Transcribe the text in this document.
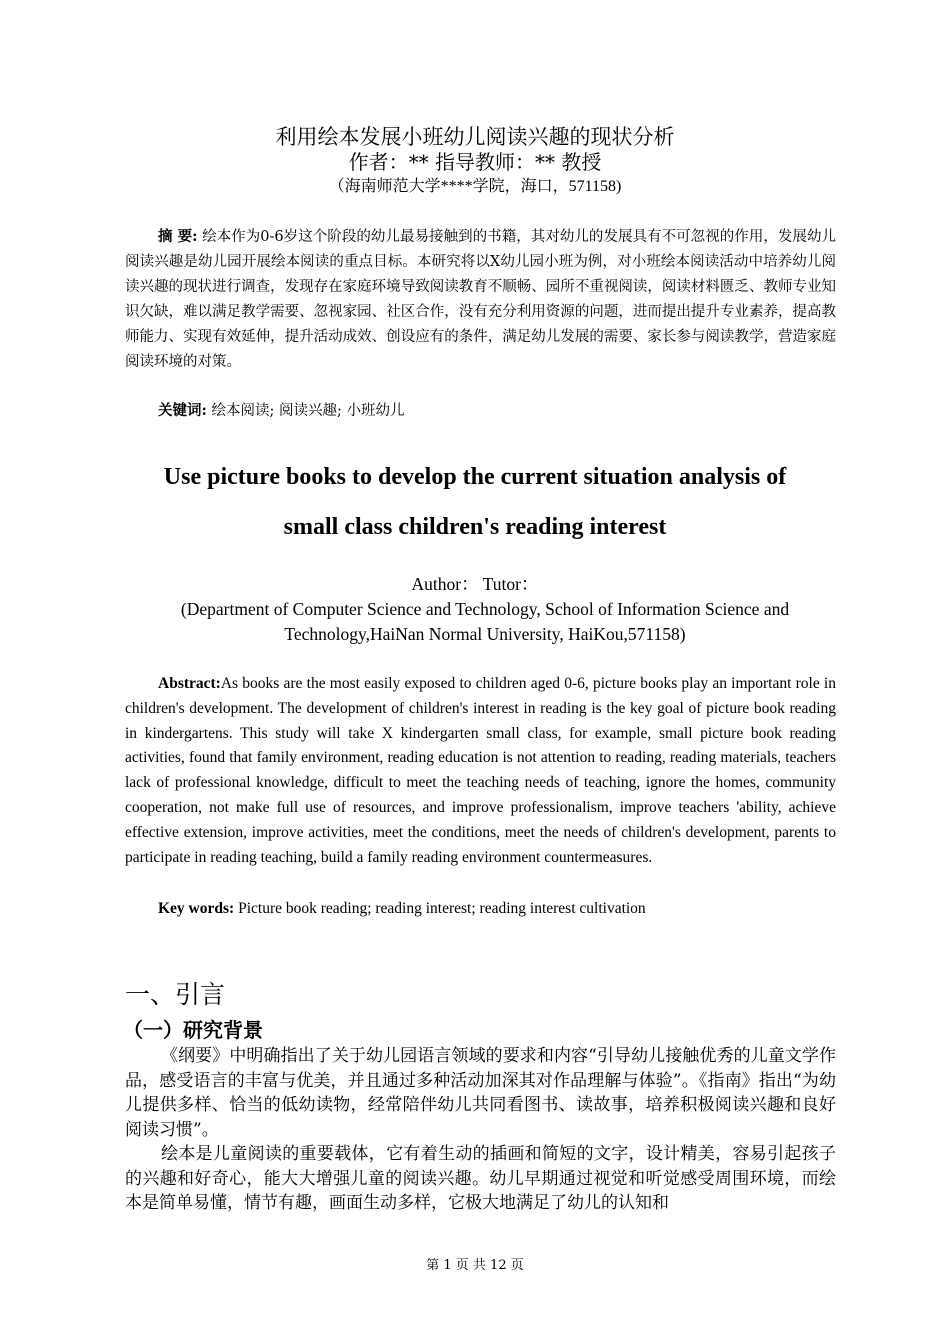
利用绘本发展小班幼儿阅读兴趣的现状分析
作者：** 指导教师：** 教授
（海南师范大学****学院，海口，571158)
摘 要: 绘本作为0-6岁这个阶段的幼儿最易接触到的书籍，其对幼儿的发展具有不可忽视的作用，发展幼儿阅读兴趣是幼儿园开展绘本阅读的重点目标。本研究将以X幼儿园小班为例，对小班绘本阅读活动中培养幼儿阅读兴趣的现状进行调查，发现存在家庭环境导致阅读教育不顺畅、园所不重视阅读，阅读材料匮乏、教师专业知识欠缺，难以满足教学需要、忽视家园、社区合作，没有充分利用资源的问题，进而提出提升专业素养，提高教师能力、实现有效延伸，提升活动成效、创设应有的条件，满足幼儿发展的需要、家长参与阅读教学，营造家庭阅读环境的对策。
关键词: 绘本阅读; 阅读兴趣; 小班幼儿
Use picture books to develop the current situation analysis of
small class children's reading interest
Author： Tutor：
(Department of Computer Science and Technology, School of Information Science and Technology,HaiNan Normal University, HaiKou,571158)
Abstract:As books are the most easily exposed to children aged 0-6, picture books play an important role in children's development. The development of children's interest in reading is the key goal of picture book reading in kindergartens. This study will take X kindergarten small class, for example, small picture book reading activities, found that family environment, reading education is not attention to reading, reading materials, teachers lack of professional knowledge, difficult to meet the teaching needs of teaching, ignore the homes, community cooperation, not make full use of resources, and improve professionalism, improve teachers 'ability, achieve effective extension, improve activities, meet the conditions, meet the needs of children's development, parents to participate in reading teaching, build a family reading environment countermeasures.
Key words: Picture book reading; reading interest; reading interest cultivation
一、引言
（一）研究背景
《纲要》中明确指出了关于幼儿园语言领域的要求和内容“引导幼儿接触优秀的儿童文学作品，感受语言的丰富与优美，并且通过多种活动加深其对作品理解与体验”。《指南》指出“为幼儿提供多样、恰当的低幼读物，经常陪伴幼儿共同看图书、读故事，培养积极阅读兴趣和良好阅读习惯”。
绘本是儿童阅读的重要载体，它有着生动的插画和简短的文字，设计精美，容易引起孩子的兴趣和好奇心，能大大增强儿童的阅读兴趣。幼儿早期通过视觉和听觉感受周围环境，而绘本是简单易懂，情节有趣，画面生动多样，它极大地满足了幼儿的认知和
第 1 页 共 12 页
